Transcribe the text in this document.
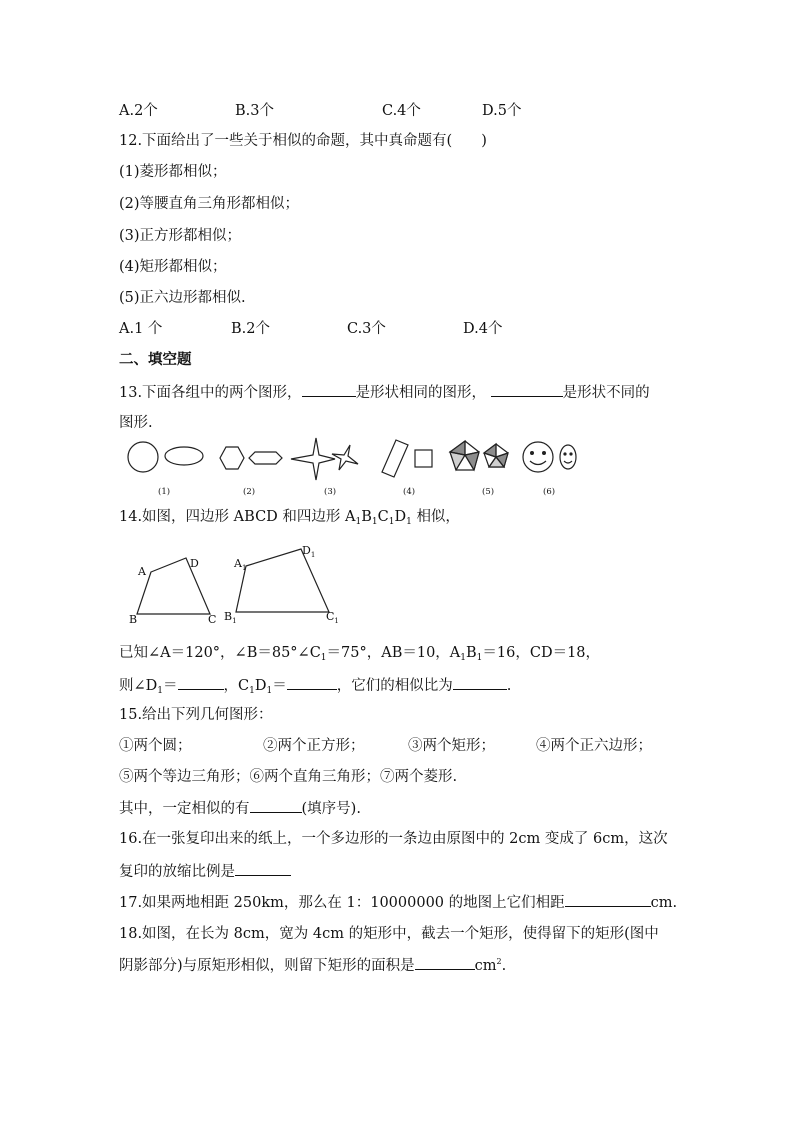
A.2个	B.3个	C.4个	D.5个
12.下面给出了一些关于相似的命题，其中真命题有(　　)
(1)菱形都相似；
(2)等腰直角三角形都相似；
(3)正方形都相似；
(4)矩形都相似；
(5)正六边形都相似.
A.1 个	B.2个	C.3个	D.4个
二、填空题
13.下面各组中的两个图形，	是形状相同的图形，	是形状不同的
图形.
(1)	(2)	(3)	(4)	(5)	(6)
14.如图，四边形 ABCD 和四边形 $A_1B_1C_1D_1$ 相似，
A
B	C
D	$A_1$
$B_1$	$C_1$
$D_1$
已知∠A＝120°，$\angle B=85^\circ\angle C_1=75^\circ$，AB＝10，$A_1B_1=16$，CD＝18，
则$\angle D_1=$	，$C_1D_1=$	，它们的相似比为	.
15.给出下列几何图形：
①两个圆；	②两个正方形；	③两个矩形；	④两个正六边形；
⑤两个等边三角形；⑥两个直角三角形；⑦两个菱形.
其中，一定相似的有	(填序号).
16.在一张复印出来的纸上，一个多边形的一条边由原图中的 2cm 变成了 6cm，这次
复印的放缩比例是
17.如果两地相距 250km，那么在 1：10000000 的地图上它们相距	cm.
18.如图，在长为 8cm，宽为 4cm 的矩形中，截去一个矩形，使得留下的矩形(图中
阴影部分)与原矩形相似，则留下矩形的面积是	$cm^2$.
